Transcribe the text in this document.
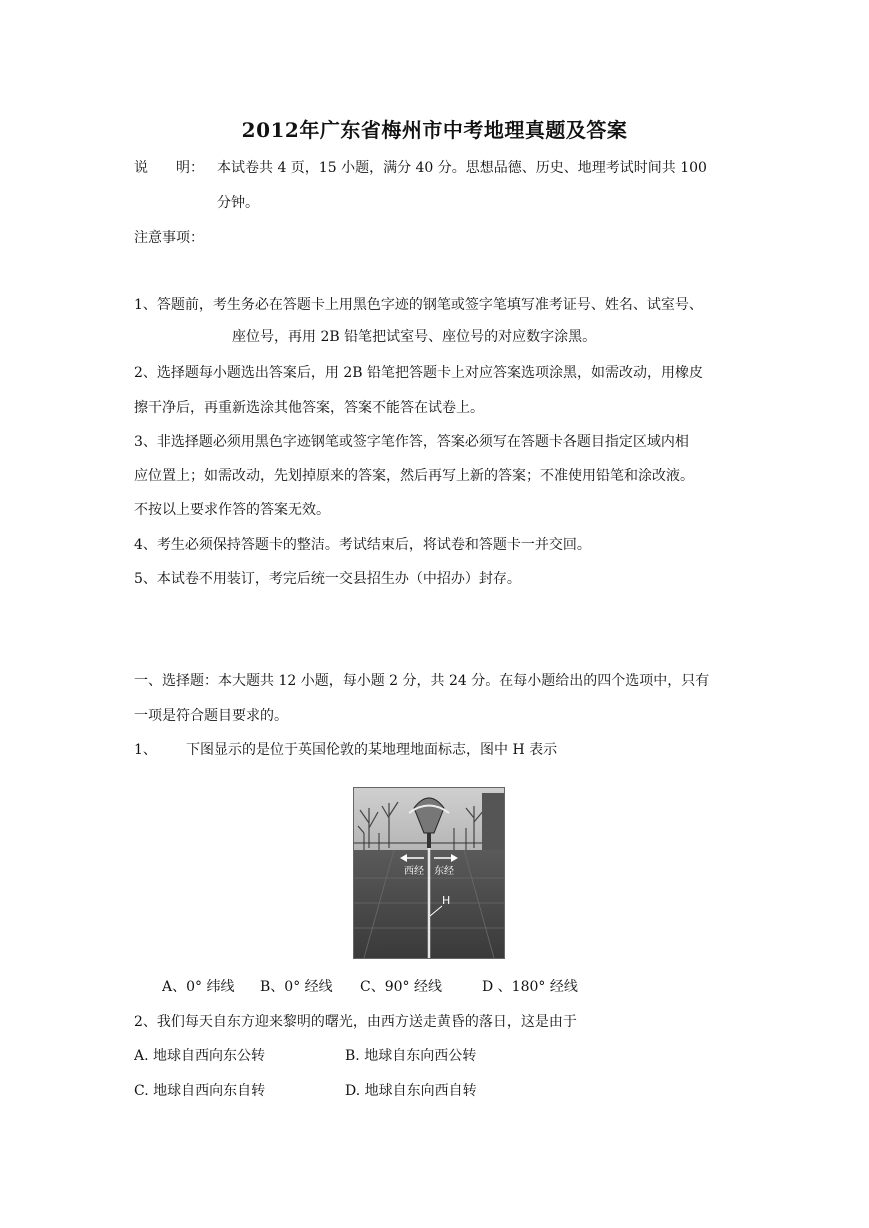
2012年广东省梅州市中考地理真题及答案
说　　明： 本试卷共 4 页，15 小题，满分 40 分。思想品德、历史、地理考试时间共 100
分钟。
注意事项：
1、答题前，考生务必在答题卡上用黑色字迹的钢笔或签字笔填写准考证号、姓名、试室号、
座位号，再用 2B 铅笔把试室号、座位号的对应数字涂黑。
2、选择题每小题选出答案后，用 2B 铅笔把答题卡上对应答案选项涂黑，如需改动，用橡皮
擦干净后，再重新选涂其他答案，答案不能答在试卷上。
3、非选择题必须用黑色字迹钢笔或签字笔作答，答案必须写在答题卡各题目指定区域内相
应位置上；如需改动，先划掉原来的答案，然后再写上新的答案；不准使用铅笔和涂改液。
不按以上要求作答的答案无效。
4、考生必须保持答题卡的整洁。考试结束后，将试卷和答题卡一并交回。
5、本试卷不用装订，考完后统一交县招生办（中招办）封存。
一、选择题：本大题共 12 小题，每小题 2 分，共 24 分。在每小题给出的四个选项中，只有
一项是符合题目要求的。
1、 下图显示的是位于英国伦敦的某地理地面标志，图中 H 表示
西经 东经
H
A、0° 纬线 B、0° 经线 C、90° 经线	D 、180° 经线
2、我们每天自东方迎来黎明的曙光，由西方送走黄昏的落日，这是由于
A. 地球自西向东公转	B. 地球自东向西公转
C. 地球自西向东自转	D. 地球自东向西自转
